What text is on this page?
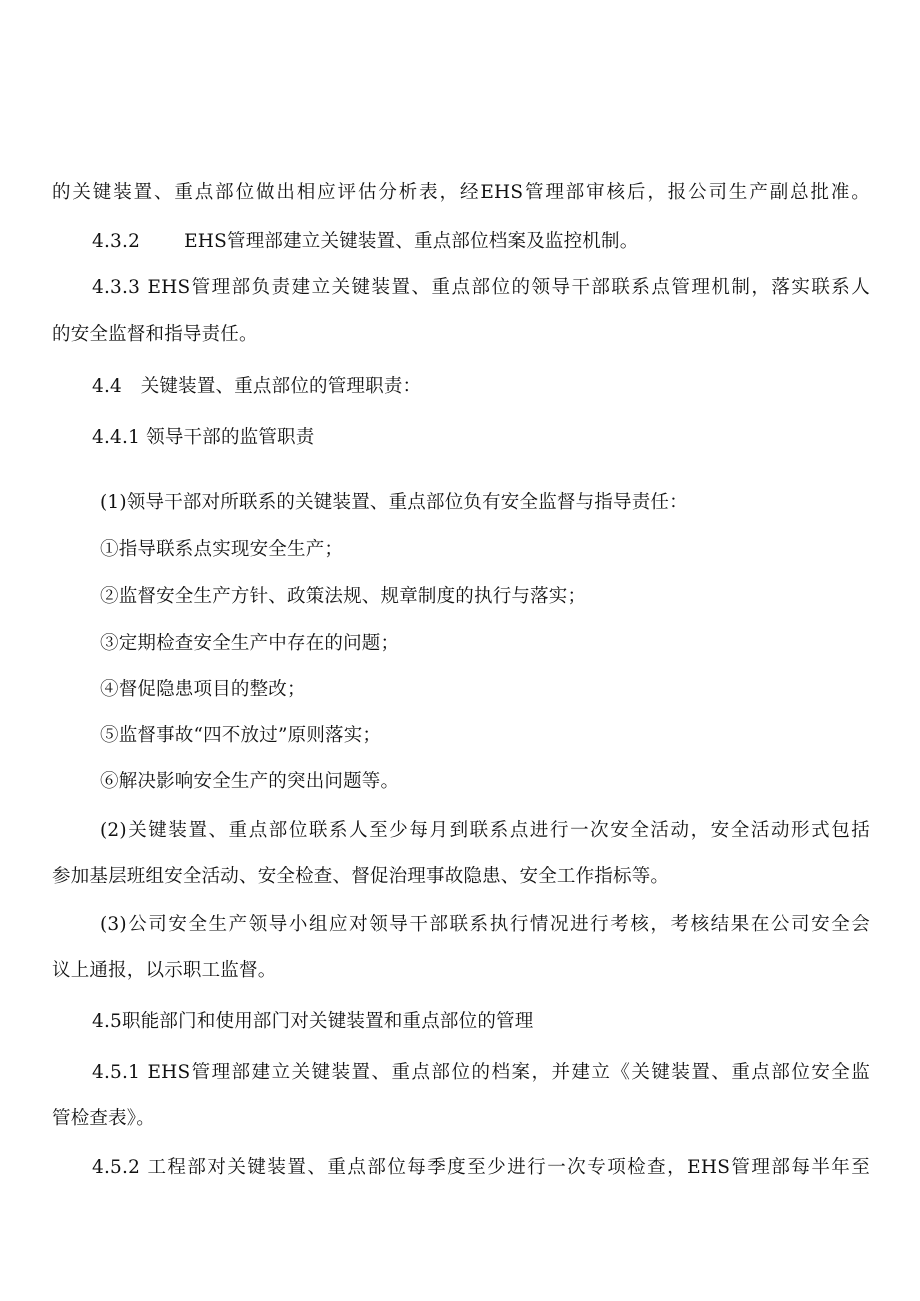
的关键装置、重点部位做出相应评估分析表，经EHS管理部审核后，报公司生产副总批准。
4.3.2 EHS管理部建立关键装置、重点部位档案及监控机制。
4.3.3 EHS管理部负责建立关键装置、重点部位的领导干部联系点管理机制，落实联系人
的安全监督和指导责任。
4.4　关键装置、重点部位的管理职责：
4.4.1 领导干部的监管职责
(1)领导干部对所联系的关键装置、重点部位负有安全监督与指导责任：
①指导联系点实现安全生产；
②监督安全生产方针、政策法规、规章制度的执行与落实；
③定期检查安全生产中存在的问题；
④督促隐患项目的整改；
⑤监督事故“四不放过”原则落实；
⑥解决影响安全生产的突出问题等。
(2)关键装置、重点部位联系人至少每月到联系点进行一次安全活动，安全活动形式包括
参加基层班组安全活动、安全检查、督促治理事故隐患、安全工作指标等。
(3)公司安全生产领导小组应对领导干部联系执行情况进行考核，考核结果在公司安全会
议上通报，以示职工监督。
4.5职能部门和使用部门对关键装置和重点部位的管理
4.5.1 EHS管理部建立关键装置、重点部位的档案，并建立《关键装置、重点部位安全监
管检查表》。
4.5.2 工程部对关键装置、重点部位每季度至少进行一次专项检查，EHS管理部每半年至
